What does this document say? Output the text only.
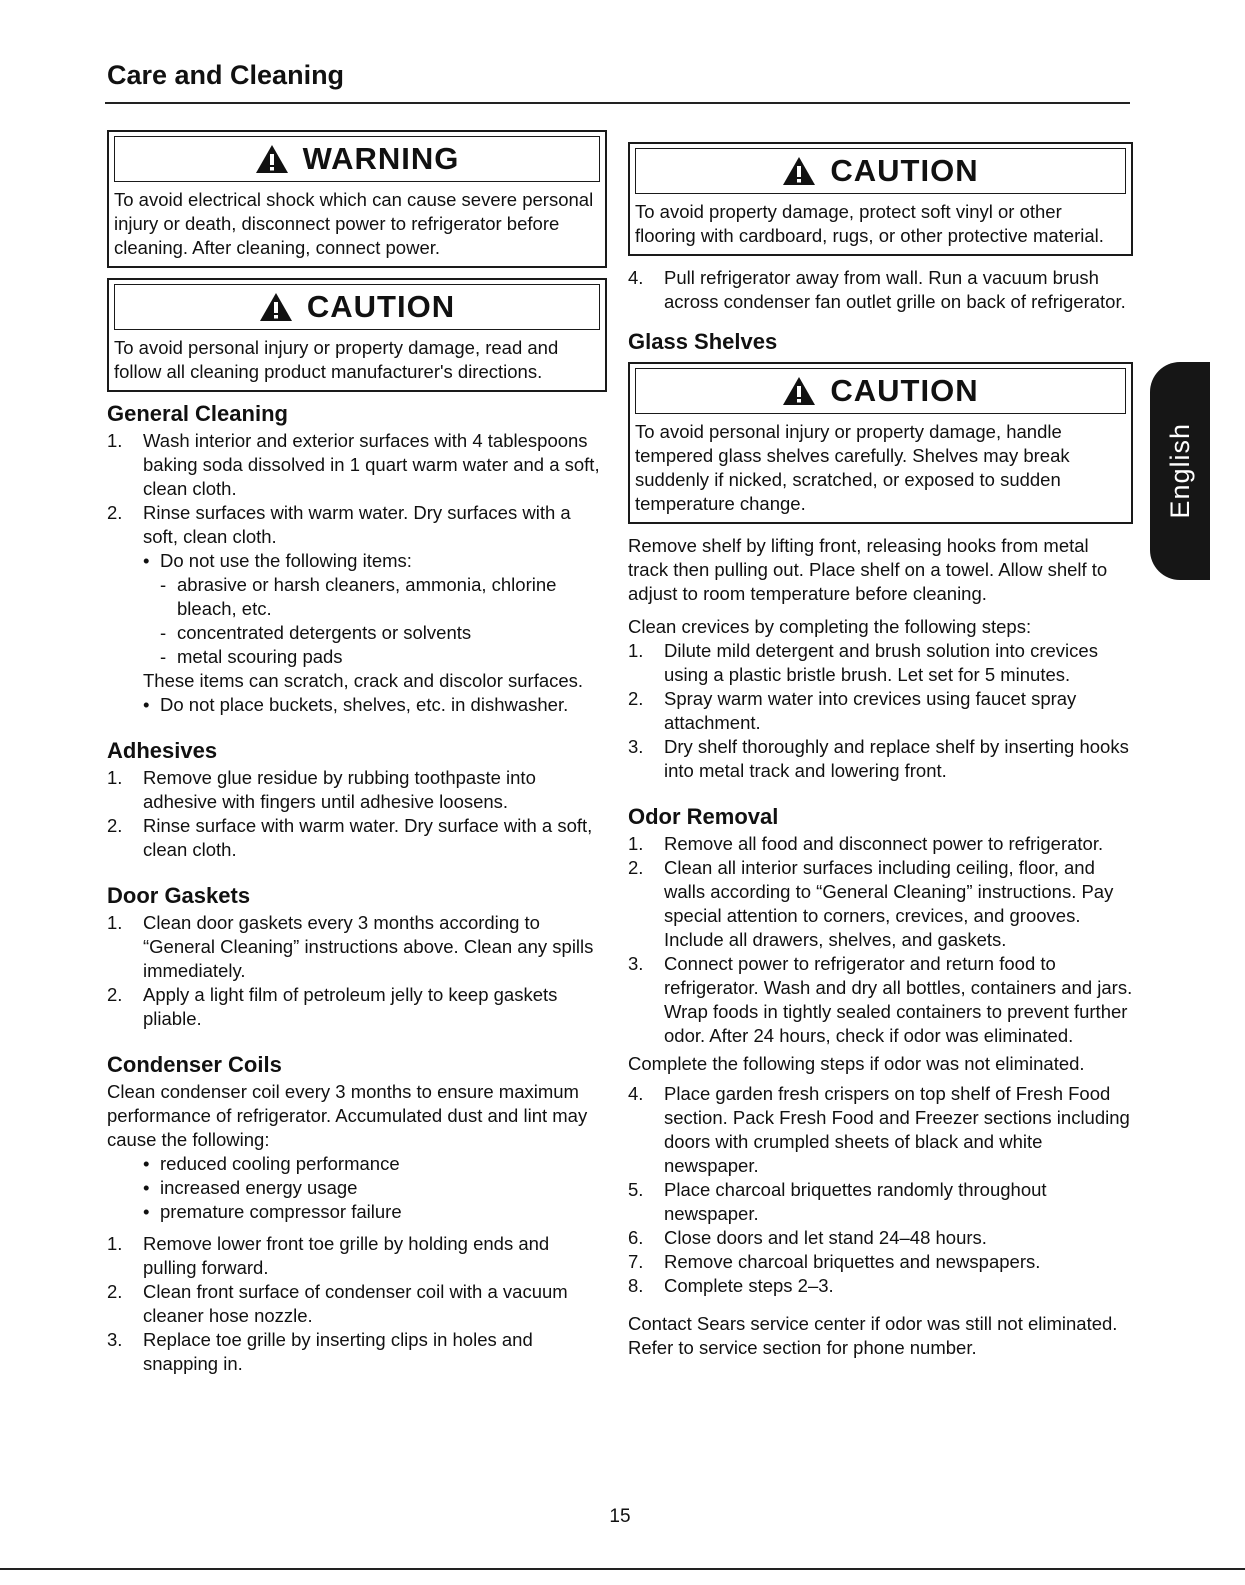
Care and Cleaning
WARNING

To avoid electrical shock which can cause severe personal injury or death, disconnect power to refrigerator before cleaning. After cleaning, connect power.

CAUTION

To avoid personal injury or property damage, read and follow all cleaning product manufacturer's directions.

General Cleaning
1. Wash interior and exterior surfaces with 4 tablespoons baking soda dissolved in 1 quart warm water and a soft, clean cloth.
2. Rinse surfaces with warm water. Dry surfaces with a soft, clean cloth.
• Do not use the following items:
- abrasive or harsh cleaners, ammonia, chlorine bleach, etc.
- concentrated detergents or solvents
- metal scouring pads
These items can scratch, crack and discolor surfaces.
• Do not place buckets, shelves, etc. in dishwasher.
Adhesives
1. Remove glue residue by rubbing toothpaste into adhesive with fingers until adhesive loosens.
2. Rinse surface with warm water. Dry surface with a soft, clean cloth.
Door Gaskets
1. Clean door gaskets every 3 months according to “General Cleaning” instructions above. Clean any spills immediately.
2. Apply a light film of petroleum jelly to keep gaskets pliable.
Condenser Coils

Clean condenser coil every 3 months to ensure maximum performance of refrigerator. Accumulated dust and lint may cause the following:

• reduced cooling performance
• increased energy usage
• premature compressor failure
1. Remove lower front toe grille by holding ends and pulling forward.
2. Clean front surface of condenser coil with a vacuum cleaner hose nozzle.
3. Replace toe grille by inserting clips in holes and snapping in.
CAUTION

To avoid property damage, protect soft vinyl or other flooring with cardboard, rugs, or other protective material.

4. Pull refrigerator away from wall. Run a vacuum brush across condenser fan outlet grille on back of refrigerator.
Glass Shelves
CAUTION

To avoid personal injury or property damage, handle tempered glass shelves carefully. Shelves may break suddenly if nicked, scratched, or exposed to sudden temperature change.

Remove shelf by lifting front, releasing hooks from metal track then pulling out. Place shelf on a towel. Allow shelf to adjust to room temperature before cleaning.

Clean crevices by completing the following steps:

1. Dilute mild detergent and brush solution into crevices using a plastic bristle brush. Let set for 5 minutes.
2. Spray warm water into crevices using faucet spray attachment.
3. Dry shelf thoroughly and replace shelf by inserting hooks into metal track and lowering front.
Odor Removal
1. Remove all food and disconnect power to refrigerator.
2. Clean all interior surfaces including ceiling, floor, and walls according to “General Cleaning” instructions. Pay special attention to corners, crevices, and grooves. Include all drawers, shelves, and gaskets.
3. Connect power to refrigerator and return food to refrigerator. Wash and dry all bottles, containers and jars. Wrap foods in tightly sealed containers to prevent further odor. After 24 hours, check if odor was eliminated.

Complete the following steps if odor was not eliminated.

4. Place garden fresh crispers on top shelf of Fresh Food section. Pack Fresh Food and Freezer sections including doors with crumpled sheets of black and white newspaper.
5. Place charcoal briquettes randomly throughout newspaper.
6. Close doors and let stand 24–48 hours.
7. Remove charcoal briquettes and newspapers.
8. Complete steps 2–3.

Contact Sears service center if odor was still not eliminated. Refer to service section for phone number.

English
15
